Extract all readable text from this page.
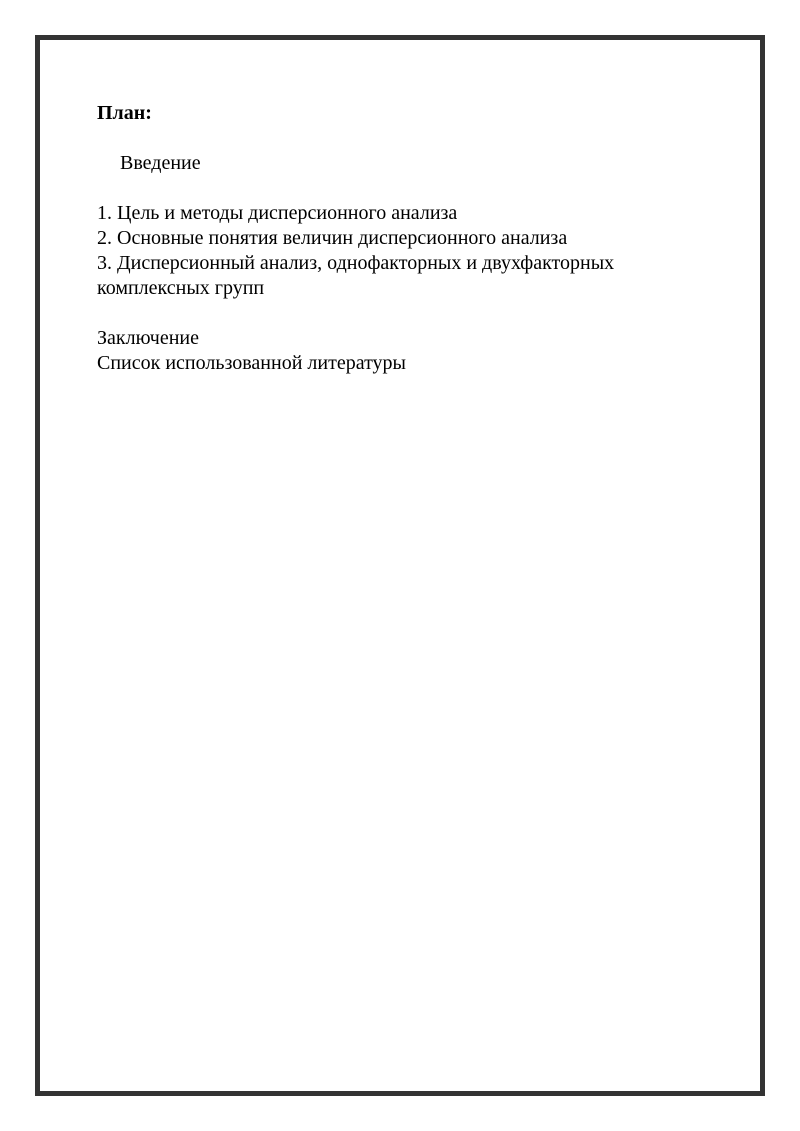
План:

Введение

1. Цель и методы дисперсионного анализа

2. Основные понятия величин дисперсионного анализа

3. Дисперсионный анализ, однофакторных и двухфакторных комплексных групп

Заключение

Список использованной литературы
